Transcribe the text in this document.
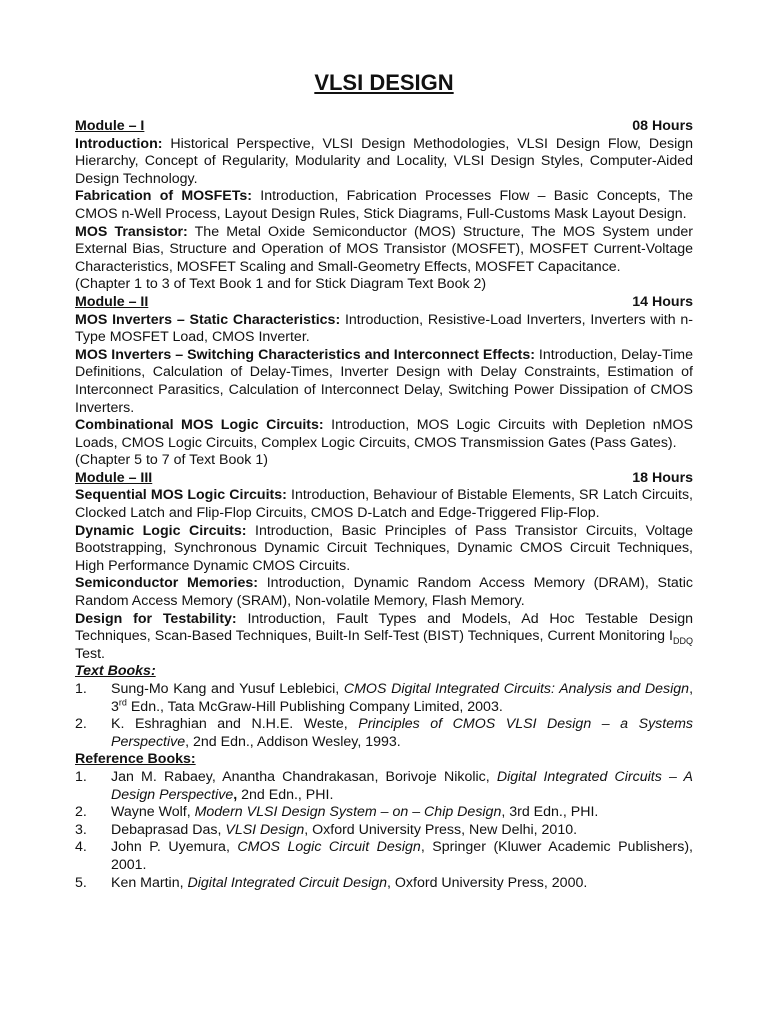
VLSI DESIGN
Module – I	08 Hours

Introduction: Historical Perspective, VLSI Design Methodologies, VLSI Design Flow, Design Hierarchy, Concept of Regularity, Modularity and Locality, VLSI Design Styles, Computer-Aided Design Technology.

Fabrication of MOSFETs: Introduction, Fabrication Processes Flow – Basic Concepts, The CMOS n-Well Process, Layout Design Rules, Stick Diagrams, Full-Customs Mask Layout Design.

MOS Transistor: The Metal Oxide Semiconductor (MOS) Structure, The MOS System under External Bias, Structure and Operation of MOS Transistor (MOSFET), MOSFET Current-Voltage Characteristics, MOSFET Scaling and Small-Geometry Effects, MOSFET Capacitance.

(Chapter 1 to 3 of Text Book 1 and for Stick Diagram Text Book 2)

Module – II	14 Hours

MOS Inverters – Static Characteristics: Introduction, Resistive-Load Inverters, Inverters with n-Type MOSFET Load, CMOS Inverter.

MOS Inverters – Switching Characteristics and Interconnect Effects: Introduction, Delay-Time Definitions, Calculation of Delay-Times, Inverter Design with Delay Constraints, Estimation of Interconnect Parasitics, Calculation of Interconnect Delay, Switching Power Dissipation of CMOS Inverters.

Combinational MOS Logic Circuits: Introduction, MOS Logic Circuits with Depletion nMOS Loads, CMOS Logic Circuits, Complex Logic Circuits, CMOS Transmission Gates (Pass Gates).

(Chapter 5 to 7 of Text Book 1)

Module – III	18 Hours

Sequential MOS Logic Circuits: Introduction, Behaviour of Bistable Elements, SR Latch Circuits, Clocked Latch and Flip-Flop Circuits, CMOS D-Latch and Edge-Triggered Flip-Flop.

Dynamic Logic Circuits: Introduction, Basic Principles of Pass Transistor Circuits, Voltage Bootstrapping, Synchronous Dynamic Circuit Techniques, Dynamic CMOS Circuit Techniques, High Performance Dynamic CMOS Circuits.

Semiconductor Memories: Introduction, Dynamic Random Access Memory (DRAM), Static Random Access Memory (SRAM), Non-volatile Memory, Flash Memory.

Design for Testability: Introduction, Fault Types and Models, Ad Hoc Testable Design Techniques, Scan-Based Techniques, Built-In Self-Test (BIST) Techniques, Current Monitoring $I_{DDQ}$ Test.

Text Books:
1.	Sung-Mo Kang and Yusuf Leblebici, CMOS Digital Integrated Circuits: Analysis and Design, 3rd Edn., Tata McGraw-Hill Publishing Company Limited, 2003.
2.	K. Eshraghian and N.H.E. Weste, Principles of CMOS VLSI Design – a Systems Perspective, 2nd Edn., Addison Wesley, 1993.
Reference Books:
1.	Jan M. Rabaey, Anantha Chandrakasan, Borivoje Nikolic, Digital Integrated Circuits – A Design Perspective, 2nd Edn., PHI.
2.	Wayne Wolf, Modern VLSI Design System – on – Chip Design, 3rd Edn., PHI.
3.	Debaprasad Das, VLSI Design, Oxford University Press, New Delhi, 2010.
4.	John P. Uyemura, CMOS Logic Circuit Design, Springer (Kluwer Academic Publishers), 2001.
5.	Ken Martin, Digital Integrated Circuit Design, Oxford University Press, 2000.
